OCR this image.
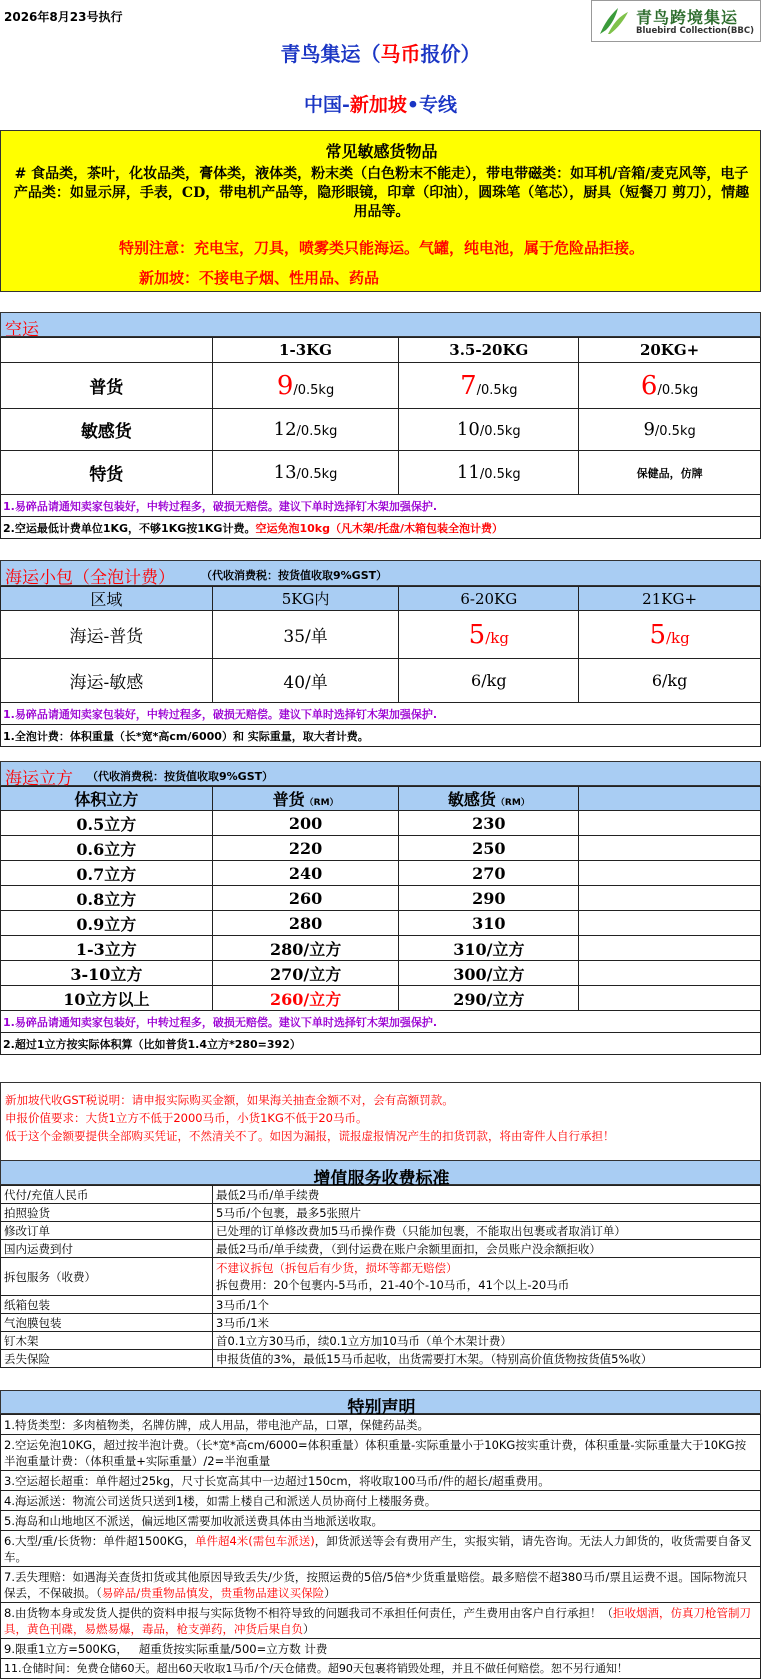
2026年8月23号执行
青鸟集运（马币报价）
中国-新加坡•专线
青鸟跨境集运
Bluebird Collection(BBC)
常见敏感货物品
# 食品类，茶叶，化妆品类，膏体类，液体类，粉末类（白色粉末不能走），带电带磁类：如耳机/音箱/麦克风等，电子产品类：如显示屏，手表，CD，带电机产品等，隐形眼镜，印章（印油），圆珠笔（笔芯），厨具（短餐刀 剪刀），情趣用品等。
特别注意：充电宝，刀具，喷雾类只能海运。气罐，纯电池，属于危险品拒接。
新加坡：不接电子烟、性用品、药品
空运
	1-3KG	3.5-20KG	20KG+
普货	9/0.5kg	7/0.5kg	6/0.5kg
敏感货	12/0.5kg	10/0.5kg	9/0.5kg
特货	13/0.5kg	11/0.5kg	保健品，仿牌
1.易碎品请通知卖家包装好，中转过程多，破损无赔偿。建议下单时选择钉木架加强保护.			
2.空运最低计费单位1KG，不够1KG按1KG计费。空运免泡10kg（凡木架/托盘/木箱包装全泡计费）			
海运小包（全泡计费） （代收消费税：按货值收取9%GST）
区域	5KG内	6-20KG	21KG+
海运-普货	35/单	5/kg	5/kg
海运-敏感	40/单	6/kg	6/kg
1.易碎品请通知卖家包装好，中转过程多，破损无赔偿。建议下单时选择钉木架加强保护.			
1.全泡计费：体积重量（长*宽*高cm/6000）和 实际重量，取大者计费。			
海运立方 （代收消费税：按货值收取9%GST）
体积立方	普货（RM）	敏感货（RM）	
0.5立方	200	230	
0.6立方	220	250	
0.7立方	240	270	
0.8立方	260	290	
0.9立方	280	310	
1-3立方	280/立方	310/立方	
3-10立方	270/立方	300/立方	
10立方以上	260/立方	290/立方	
1.易碎品请通知卖家包装好，中转过程多，破损无赔偿。建议下单时选择钉木架加强保护.			
2.超过1立方按实际体积算（比如普货1.4立方*280=392）			
新加坡代收GST税说明：请申报实际购买金额，如果海关抽查金额不对，会有高额罚款。
申报价值要求：大货1立方不低于2000马币，小货1KG不低于20马币。
低于这个金额要提供全部购买凭证，不然清关不了。如因为漏报，谎报虚报情况产生的扣货罚款，将由寄件人自行承担！
增值服务收费标准
代付/充值人民币	最低2马币/单手续费
拍照验货	5马币/个包裹，最多5张照片
修改订单	已处理的订单修改费加5马币操作费（只能加包裹，不能取出包裹或者取消订单）
国内运费到付	最低2马币/单手续费，（到付运费在账户余额里面扣，会员账户没余额拒收）
拆包服务（收费）	不建议拆包（拆包后有少货，损坏等都无赔偿）
拆包费用：20个包裹内-5马币，21-40个-10马币，41个以上-20马币

纸箱包装	3马币/1个
气泡膜包装	3马币/1米
钉木架	首0.1立方30马币，续0.1立方加10马币（单个木架计费）
丢失保险	申报货值的3%，最低15马币起收，出货需要打木架。（特别高价值货物按货值5%收）
特别声明
1.特货类型：多肉植物类，名牌仿牌，成人用品，带电池产品，口罩，保健药品类。
2.空运免泡10KG，超过按半泡计费。（长*宽*高cm/6000=体积重量）体积重量-实际重量小于10KG按实重计费，体积重量-实际重量大于10KG按半泡重量计费：（体积重量+实际重量）/2=半泡重量
3.空运超长超重：单件超过25kg，尺寸长宽高其中一边超过150cm，将收取100马币/件的超长/超重费用。
4.海运派送：物流公司送货只送到1楼，如需上楼自己和派送人员协商付上楼服务费。
5.海岛和山地地区不派送，偏远地区需要加收派送费具体由当地派送收取。
6.大型/重/长货物：单件超1500KG，单件超4米(需包车派送)，卸货派送等会有费用产生，实报实销，请先咨询。无法人力卸货的，收货需要自备叉车。
7.丢失理赔：如遇海关查货扣货或其他原因导致丢失/少货，按照运费的5倍/5倍*少货重量赔偿。最多赔偿不超380马币/票且运费不退。国际物流只保丢，不保破损。（易碎品/贵重物品慎发，贵重物品建议买保险）
8.由货物本身或发货人提供的资料申报与实际货物不相符导致的问题我司不承担任何责任，产生费用由客户自行承担！（拒收烟酒，仿真刀枪管制刀具，黄色刊碟，易燃易爆，毒品，枪支弹药，冲货后果自负）
9.限重1立方=500KG，   超重货按实际重量/500=立方数 计费
11.仓储时间：免费仓储60天。超出60天收取1马币/个/天仓储费。超90天包裹将销毁处理，并且不做任何赔偿。恕不另行通知！
